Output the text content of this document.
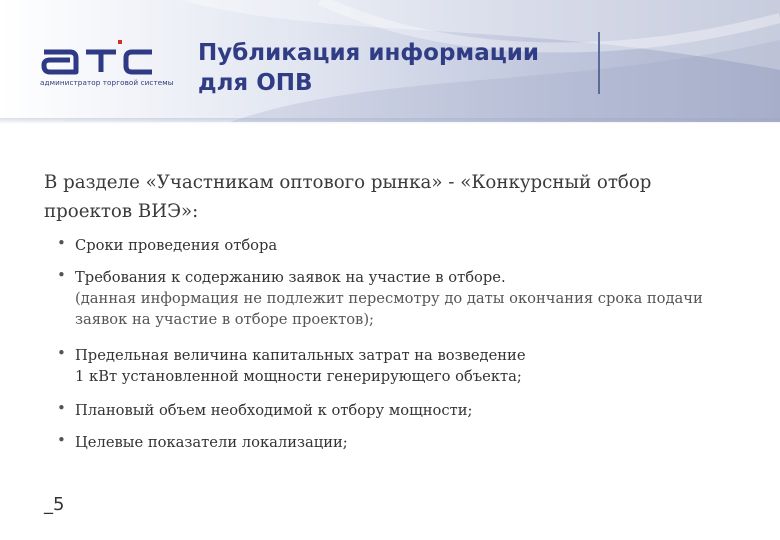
администратор торговой системы
Публикация информации
для ОПВ
В разделе «Участникам оптового рынка» - «Конкурсный отбор
проектов ВИЭ»:
• Сроки проведения отбора
• Требования к содержанию заявок на участие в отборе.
(данная информация не подлежит пересмотру до даты окончания срока подачи
заявок на участие в отборе проектов);
• Предельная величина капитальных затрат на возведение
1 кВт установленной мощности генерирующего объекта;
• Плановый объем необходимой к отбору мощности;
• Целевые показатели локализации;
_5
